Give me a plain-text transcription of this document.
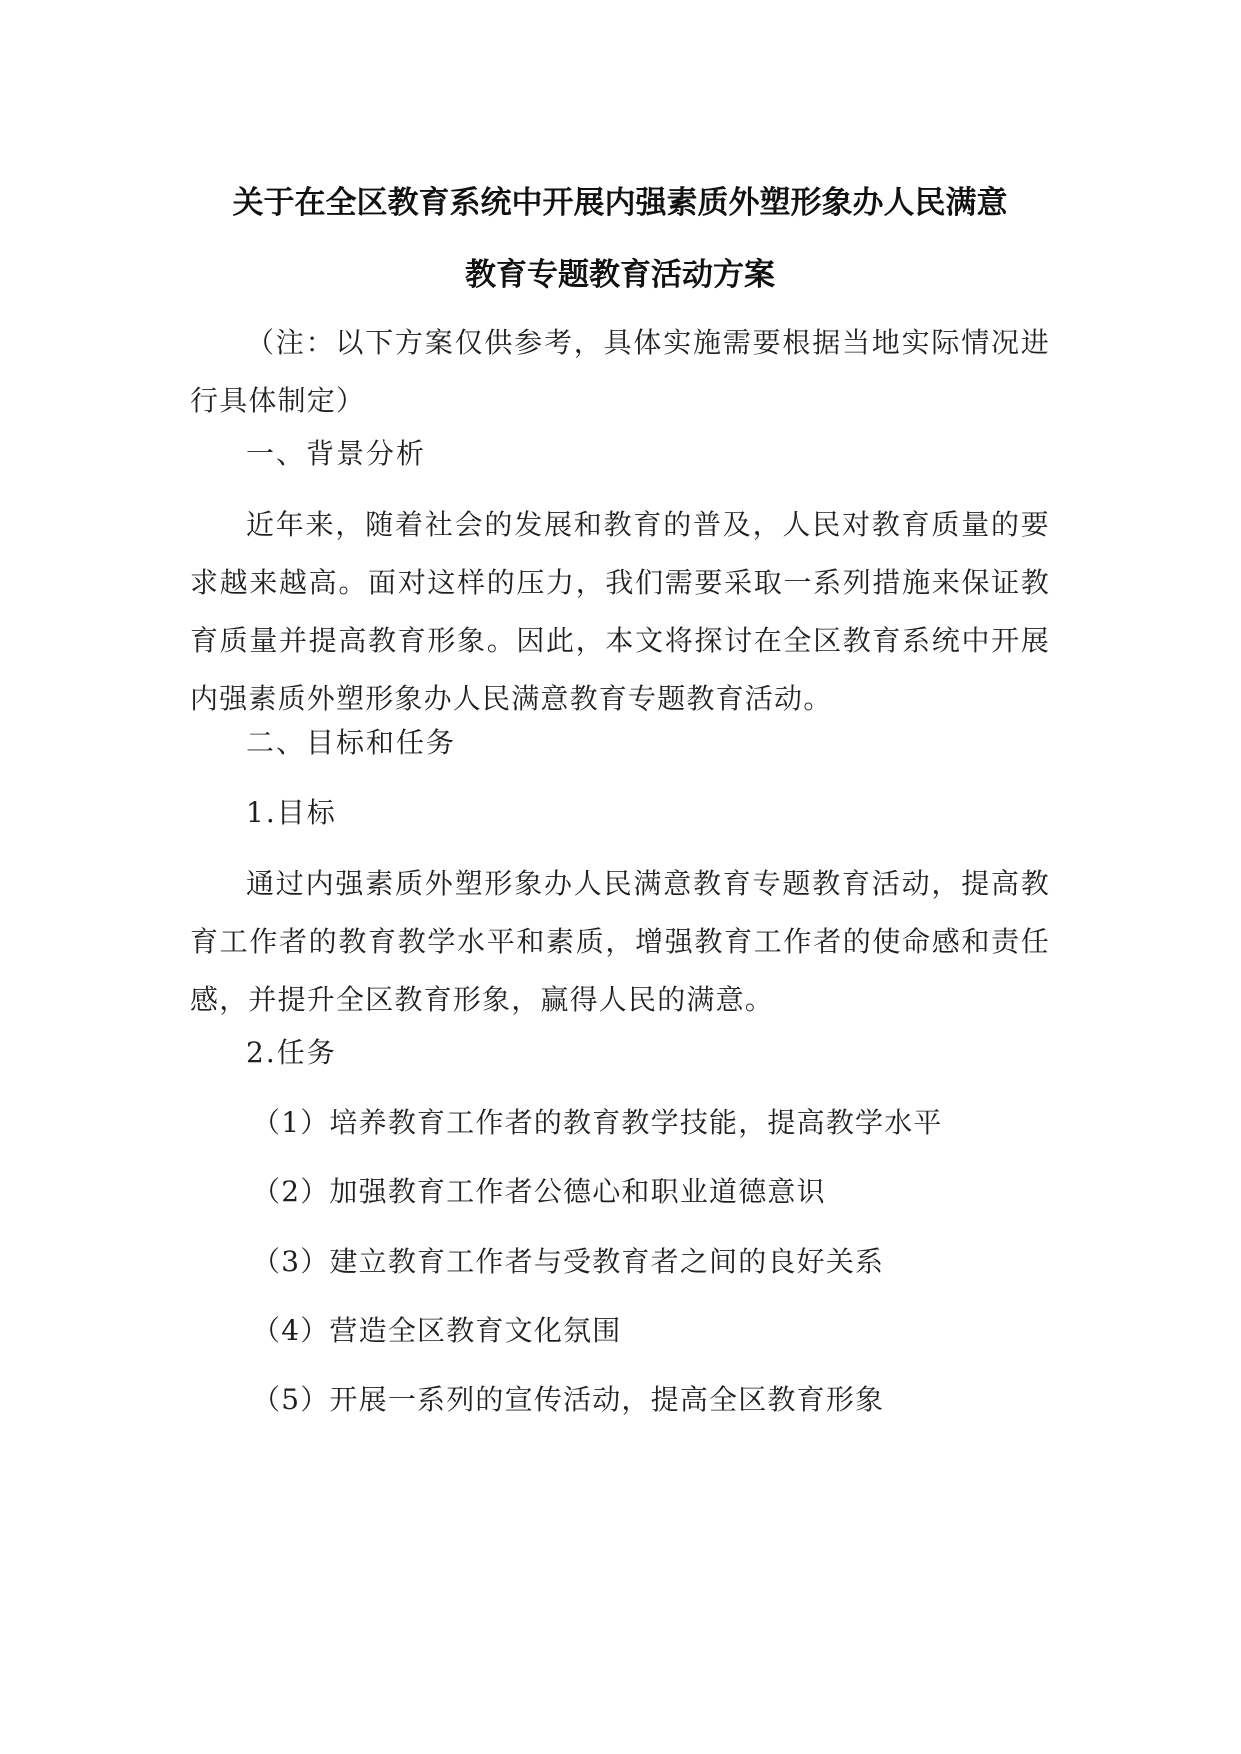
关于在全区教育系统中开展内强素质外塑形象办人民满意
教育专题教育活动方案
（注：以下方案仅供参考，具体实施需要根据当地实际情况进行具体制定）
一、背景分析
近年来，随着社会的发展和教育的普及，人民对教育质量的要求越来越高。面对这样的压力，我们需要采取一系列措施来保证教育质量并提高教育形象。因此，本文将探讨在全区教育系统中开展内强素质外塑形象办人民满意教育专题教育活动。
二、目标和任务
1.目标
通过内强素质外塑形象办人民满意教育专题教育活动，提高教育工作者的教育教学水平和素质，增强教育工作者的使命感和责任感，并提升全区教育形象，赢得人民的满意。
2.任务
（1）培养教育工作者的教育教学技能，提高教学水平
（2）加强教育工作者公德心和职业道德意识
（3）建立教育工作者与受教育者之间的良好关系
（4）营造全区教育文化氛围
（5）开展一系列的宣传活动，提高全区教育形象
